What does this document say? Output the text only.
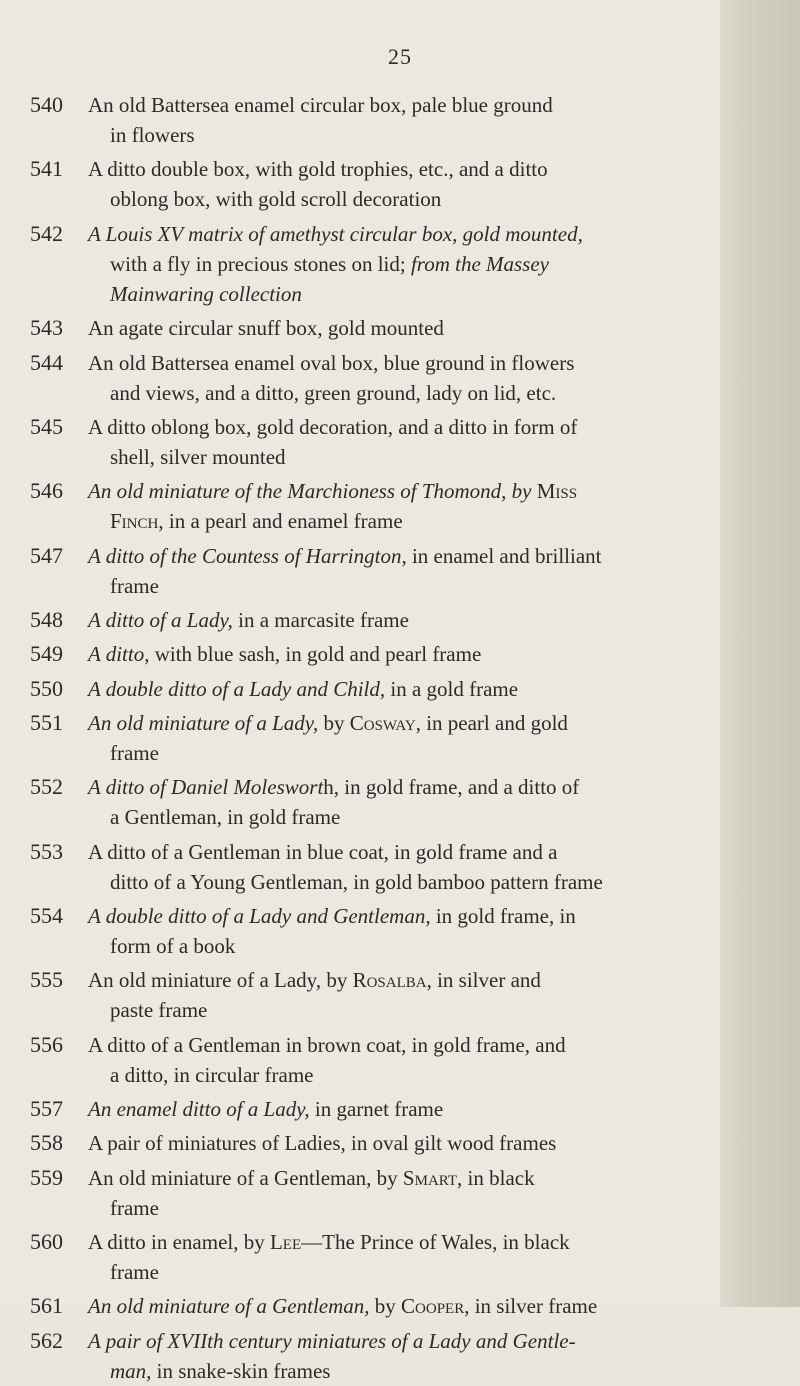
25
540	An old Battersea enamel circular box, pale blue ground
in flowers
541	A ditto double box, with gold trophies, etc., and a ditto
oblong box, with gold scroll decoration
542	A Louis XV matrix of amethyst circular box, gold mounted,
with a fly in precious stones on lid; from the Massey
Mainwaring collection
543	An agate circular snuff box, gold mounted
544	An old Battersea enamel oval box, blue ground in flowers
and views, and a ditto, green ground, lady on lid, etc.
545	A ditto oblong box, gold decoration, and a ditto in form of
shell, silver mounted
546	An old miniature of the Marchioness of Thomond, by Miss
Finch, in a pearl and enamel frame
547	A ditto of the Countess of Harrington, in enamel and brilliant
frame
548	A ditto of a Lady, in a marcasite frame
549	A ditto, with blue sash, in gold and pearl frame
550	A double ditto of a Lady and Child, in a gold frame
551	An old miniature of a Lady, by Cosway, in pearl and gold
frame
552	A ditto of Daniel Molesworth, in gold frame, and a ditto of
a Gentleman, in gold frame
553	A ditto of a Gentleman in blue coat, in gold frame and a
ditto of a Young Gentleman, in gold bamboo pattern frame
554	A double ditto of a Lady and Gentleman, in gold frame, in
form of a book
555	An old miniature of a Lady, by Rosalba, in silver and
paste frame
556	A ditto of a Gentleman in brown coat, in gold frame, and
a ditto, in circular frame
557	An enamel ditto of a Lady, in garnet frame
558	A pair of miniatures of Ladies, in oval gilt wood frames
559	An old miniature of a Gentleman, by Smart, in black
frame
560	A ditto in enamel, by Lee—The Prince of Wales, in black
frame
561	An old miniature of a Gentleman, by Cooper, in silver frame
562	A pair of XVIIth century miniatures of a Lady and Gentle-
man, in snake-skin frames
